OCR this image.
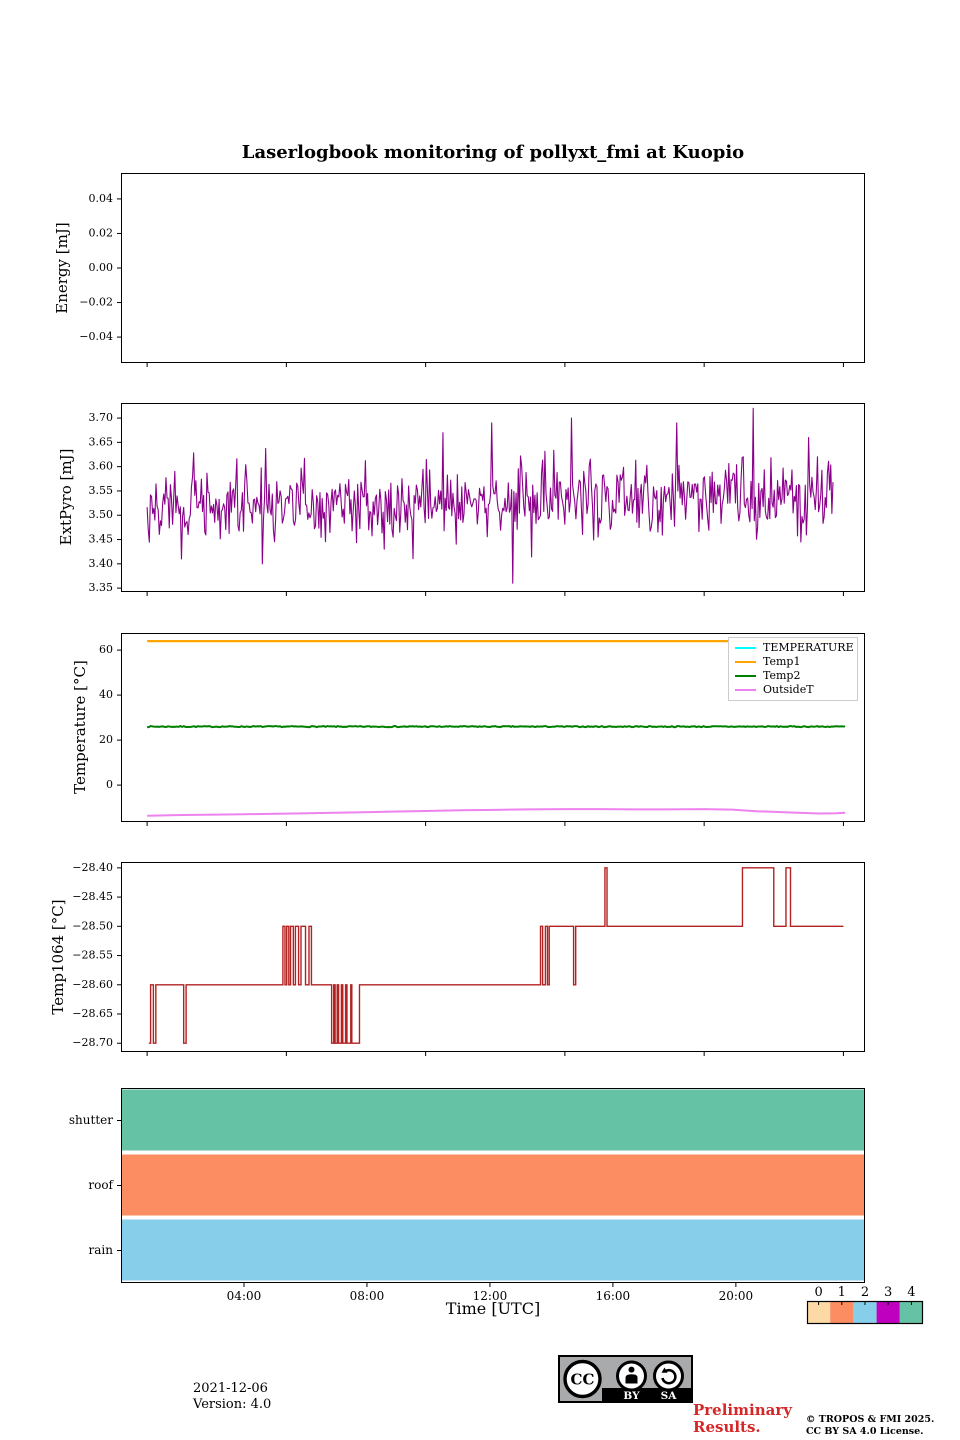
Laserlogbook monitoring of pollyxt_fmi at Kuopio
Energy [mJ]
ExtPyro [mJ]
Temperature [°C]
Temp1064 [°C]
0.04
0.02
0.00
−0.02
−0.04
3.70
3.65
3.60
3.55
3.50
3.45
3.40
3.35
60
40
20
0
−28.40
−28.45
−28.50
−28.55
−28.60
−28.65
−28.70
shutter
roof
rain
04:00	08:00	12:00	16:00	20:00
TEMPERATURE
Temp1
Temp2
OutsideT
Time [UTC]
0 1 2 3 4
2021-12-06
Version: 4.0
CC
BY SA
Preliminary
Results.	© TROPOS & FMI 2025.
CC BY SA 4.0 License.
